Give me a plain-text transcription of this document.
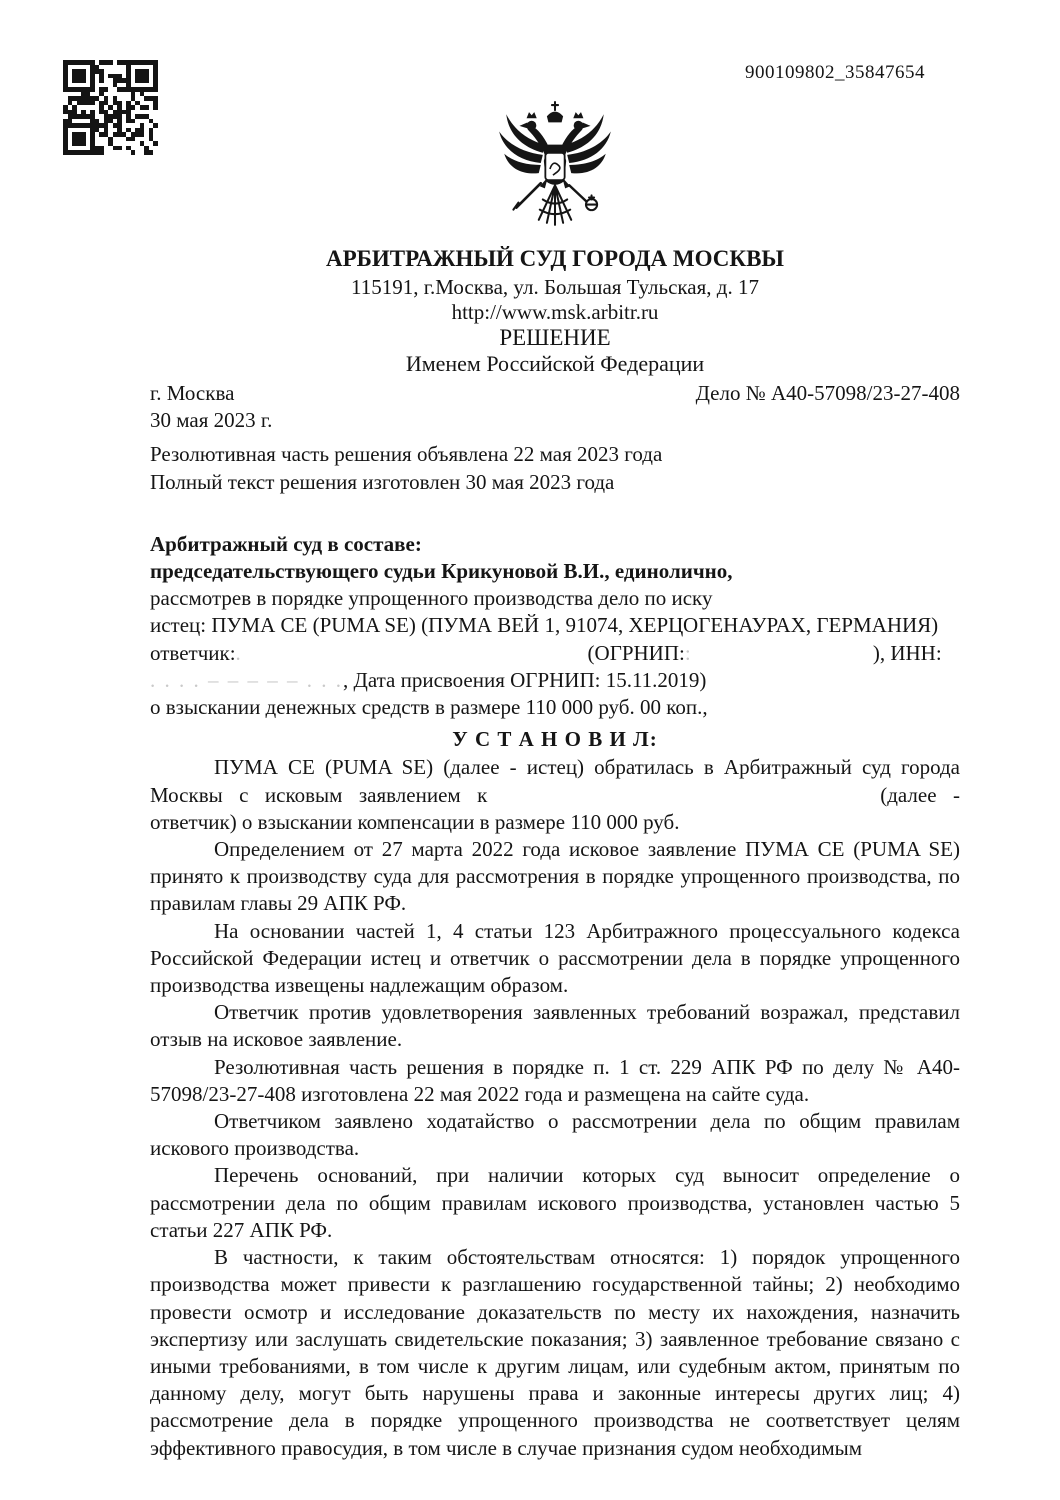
900109802_35847654
АРБИТРАЖНЫЙ СУД ГОРОДА МОСКВЫ
115191, г.Москва, ул. Большая Тульская, д. 17
http://www.msk.arbitr.ru
РЕШЕНИЕ
Именем Российской Федерации
г. Москва	Дело № А40-57098/23-27-408

30 мая 2023 г.

Резолютивная часть решения объявлена 22 мая 2023 года

Полный текст решения изготовлен 30 мая 2023 года

Арбитражный суд в составе:

председательствующего судьи Крикуновой В.И., единолично,

рассмотрев в порядке упрощенного производства дело по иску

истец: ПУМА СЕ (PUMA SE) (ПУМА ВЕЙ 1, 91074, ХЕРЦОГЕНАУРАХ, ГЕРМАНИЯ)

ответчик:.	(ОГРНИП::	), ИНН:

. . . . – – – – – . . ., Дата присвоения ОГРНИП: 15.11.2019)

о взыскании денежных средств в размере 110 000 руб. 00 коп.,

У С Т А Н О В И Л:

ПУМА СЕ (PUMA SE) (далее - истец) обратилась в Арбитражный суд города Москвы с исковым заявлением к	(далее - ответчик) о взыскании компенсации в размере 110 000 руб.

Определением от 27 марта 2022 года исковое заявление ПУМА СЕ (PUMA SE) принято к производству суда для рассмотрения в порядке упрощенного производства, по правилам главы 29 АПК РФ.

На основании частей 1, 4 статьи 123 Арбитражного процессуального кодекса Российской Федерации истец и ответчик о рассмотрении дела в порядке упрощенного производства извещены надлежащим образом.

Ответчик против удовлетворения заявленных требований возражал, представил отзыв на исковое заявление.

Резолютивная часть решения в порядке п. 1 ст. 229 АПК РФ по делу № А40-57098/23-27-408 изготовлена 22 мая 2022 года и размещена на сайте суда.

Ответчиком заявлено ходатайство о рассмотрении дела по общим правилам искового производства.

Перечень оснований, при наличии которых суд выносит определение о рассмотрении дела по общим правилам искового производства, установлен частью 5 статьи 227 АПК РФ.

В частности, к таким обстоятельствам относятся: 1) порядок упрощенного производства может привести к разглашению государственной тайны; 2) необходимо провести осмотр и исследование доказательств по месту их нахождения, назначить экспертизу или заслушать свидетельские показания; 3) заявленное требование связано с иными требованиями, в том числе к другим лицам, или судебным актом, принятым по данному делу, могут быть нарушены права и законные интересы других лиц; 4) рассмотрение дела в порядке упрощенного производства не соответствует целям эффективного правосудия, в том числе в случае признания судом необходимым
